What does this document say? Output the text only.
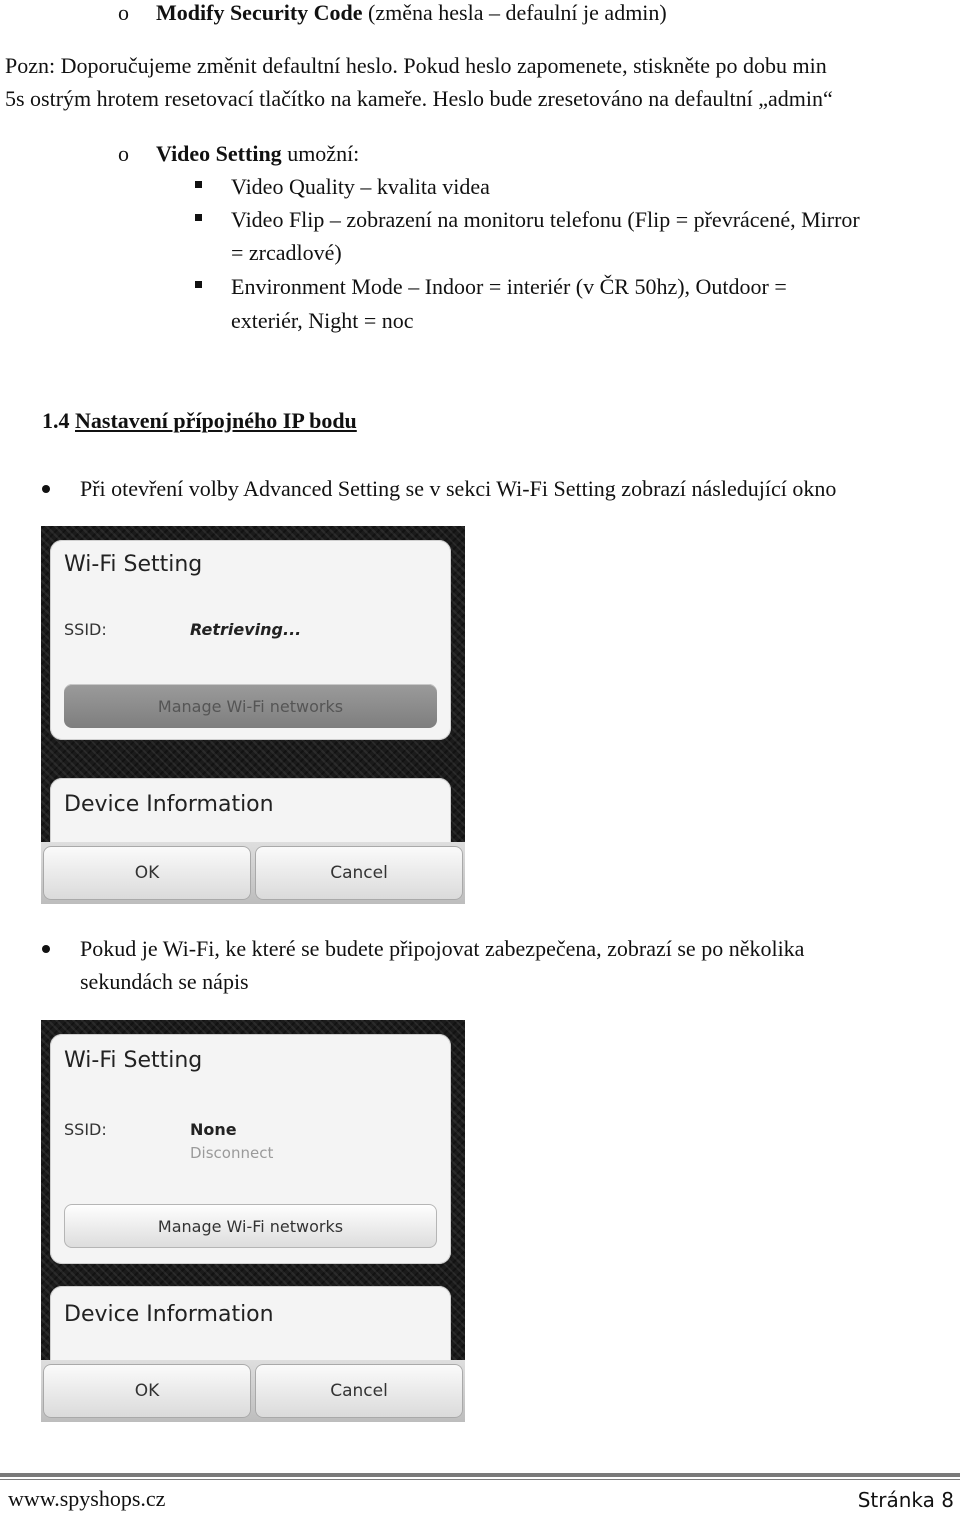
o Modify Security Code (změna hesla – defaulní je admin)
Pozn: Doporučujeme změnit defaultní heslo. Pokud heslo zapomenete, stiskněte po dobu min
5s ostrým hrotem resetovací tlačítko na kameře. Heslo bude zresetováno na defaultní „admin“
o Video Setting umožní:
Video Quality – kvalita videa
Video Flip – zobrazení na monitoru telefonu (Flip = převrácené, Mirror
= zrcadlové)
Environment Mode – Indoor = interiér (v ČR 50hz), Outdoor =
exteriér, Night = noc
1.4 Nastavení přípojného IP bodu
Při otevření volby Advanced Setting se v sekci Wi-Fi Setting zobrazí následující okno
Wi-Fi Setting
SSID:	Retrieving...
Manage Wi-Fi networks
Device Information
OK	Cancel
Pokud je Wi-Fi, ke které se budete připojovat zabezpečena, zobrazí se po několika
sekundách se nápis
Wi-Fi Setting
SSID:	None
Disconnect
Manage Wi-Fi networks
Device Information
OK	Cancel
www.spyshops.cz	Stránka 8
